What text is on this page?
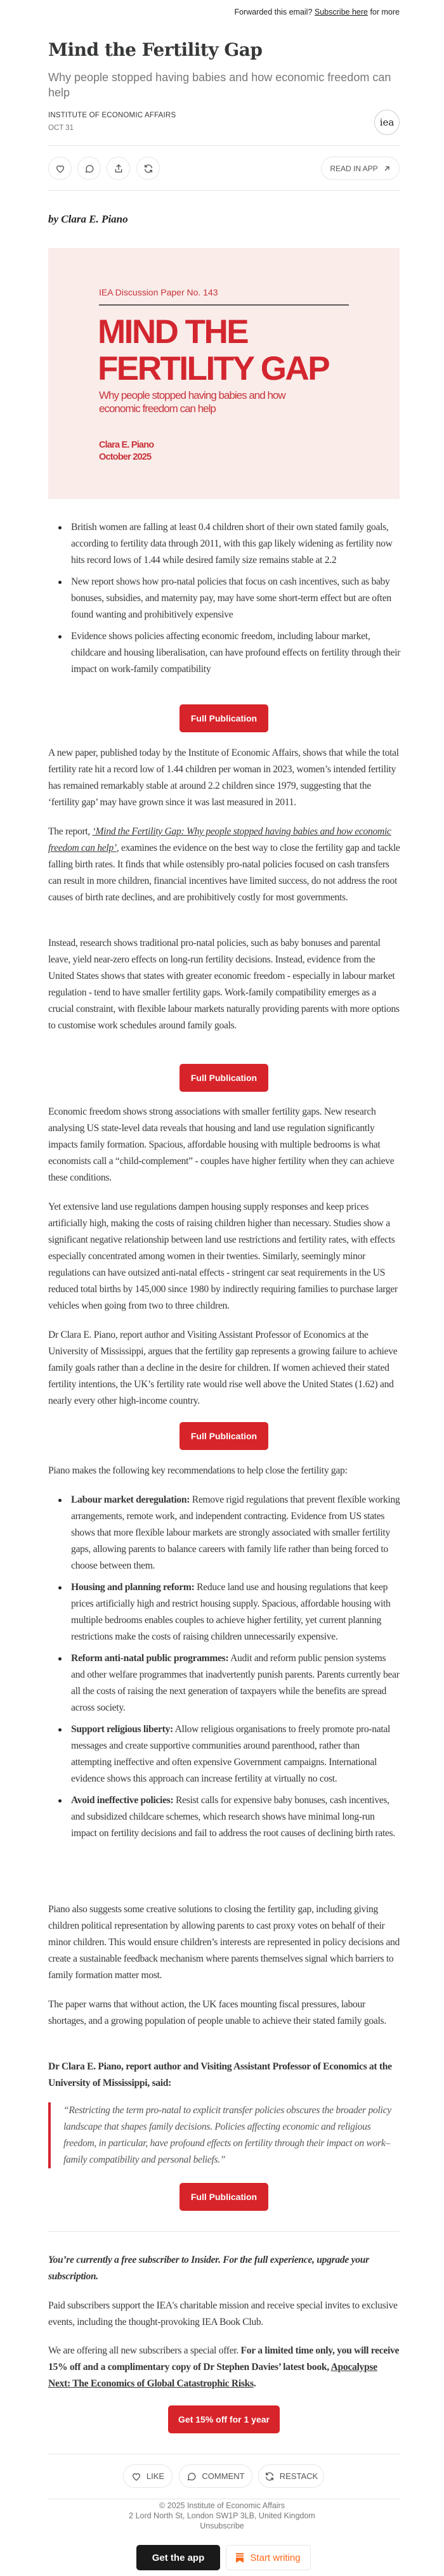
Forwarded this email? Subscribe here for more
Mind the Fertility Gap
Why people stopped having babies and how economic freedom can help
INSTITUTE OF ECONOMIC AFFAIRS
OCT 31	iea
READ IN APP
by Clara E. Piano
IEA Discussion Paper No. 143
MIND THE
FERTILITY GAP
Why people stopped having babies and how economic freedom can help
Clara E. Piano
October 2025
British women are falling at least 0.4 children short of their own stated family goals, according to fertility data through 2011, with this gap likely widening as fertility now hits record lows of 1.44 while desired family size remains stable at 2.2
New report shows how pro-natal policies that focus on cash incentives, such as baby bonuses, subsidies, and maternity pay, may have some short-term effect but are often found wanting and prohibitively expensive
Evidence shows policies affecting economic freedom, including labour market, childcare and housing liberalisation, can have profound effects on fertility through their impact on work-family compatibility
Full Publication
A new paper, published today by the Institute of Economic Affairs, shows that while the total fertility rate hit a record low of 1.44 children per woman in 2023, women’s intended fertility has remained remarkably stable at around 2.2 children since 1979, suggesting that the ‘fertility gap’ may have grown since it was last measured in 2011.
The report, ‘Mind the Fertility Gap: Why people stopped having babies and how economic freedom can help’, examines the evidence on the best way to close the fertility gap and tackle falling birth rates. It finds that while ostensibly pro-natal policies focused on cash transfers can result in more children, financial incentives have limited success, do not address the root causes of birth rate declines, and are prohibitively costly for most governments.
Instead, research shows traditional pro-natal policies, such as baby bonuses and parental leave, yield near-zero effects on long-run fertility decisions. Instead, evidence from the United States shows that states with greater economic freedom - especially in labour market regulation - tend to have smaller fertility gaps. Work-family compatibility emerges as a crucial constraint, with flexible labour markets naturally providing parents with more options to customise work schedules around family goals.
Full Publication
Economic freedom shows strong associations with smaller fertility gaps. New research analysing US state-level data reveals that housing and land use regulation significantly impacts family formation. Spacious, affordable housing with multiple bedrooms is what economists call a “child-complement” - couples have higher fertility when they can achieve these conditions.
Yet extensive land use regulations dampen housing supply responses and keep prices artificially high, making the costs of raising children higher than necessary. Studies show a significant negative relationship between land use restrictions and fertility rates, with effects especially concentrated among women in their twenties. Similarly, seemingly minor regulations can have outsized anti-natal effects - stringent car seat requirements in the US reduced total births by 145,000 since 1980 by indirectly requiring families to purchase larger vehicles when going from two to three children.
Dr Clara E. Piano, report author and Visiting Assistant Professor of Economics at the University of Mississippi, argues that the fertility gap represents a growing failure to achieve family goals rather than a decline in the desire for children. If women achieved their stated fertility intentions, the UK’s fertility rate would rise well above the United States (1.62) and nearly every other high-income country.
Full Publication
Piano makes the following key recommendations to help close the fertility gap:
Labour market deregulation: Remove rigid regulations that prevent flexible working arrangements, remote work, and independent contracting. Evidence from US states shows that more flexible labour markets are strongly associated with smaller fertility gaps, allowing parents to balance careers with family life rather than being forced to choose between them.
Housing and planning reform: Reduce land use and housing regulations that keep prices artificially high and restrict housing supply. Spacious, affordable housing with multiple bedrooms enables couples to achieve higher fertility, yet current planning restrictions make the costs of raising children unnecessarily expensive.
Reform anti-natal public programmes: Audit and reform public pension systems and other welfare programmes that inadvertently punish parents. Parents currently bear all the costs of raising the next generation of taxpayers while the benefits are spread across society.
Support religious liberty: Allow religious organisations to freely promote pro-natal messages and create supportive communities around parenthood, rather than attempting ineffective and often expensive Government campaigns. International evidence shows this approach can increase fertility at virtually no cost.
Avoid ineffective policies: Resist calls for expensive baby bonuses, cash incentives, and subsidized childcare schemes, which research shows have minimal long-run impact on fertility decisions and fail to address the root causes of declining birth rates.
Piano also suggests some creative solutions to closing the fertility gap, including giving children political representation by allowing parents to cast proxy votes on behalf of their minor children. This would ensure children’s interests are represented in policy decisions and create a sustainable feedback mechanism where parents themselves signal which barriers to family formation matter most.
The paper warns that without action, the UK faces mounting fiscal pressures, labour shortages, and a growing population of people unable to achieve their stated family goals.
Dr Clara E. Piano, report author and Visiting Assistant Professor of Economics at the University of Mississippi, said:
“Restricting the term pro-natal to explicit transfer policies obscures the broader policy landscape that shapes family decisions. Policies affecting economic and religious freedom, in particular, have profound effects on fertility through their impact on work–family compatibility and personal beliefs.”
Full Publication
You’re currently a free subscriber to Insider. For the full experience, upgrade your subscription.
Paid subscribers support the IEA's charitable mission and receive special invites to exclusive events, including the thought-provoking IEA Book Club.
We are offering all new subscribers a special offer. For a limited time only, you will receive 15% off and a complimentary copy of Dr Stephen Davies’ latest book, Apocalypse Next: The Economics of Global Catastrophic Risks.
Get 15% off for 1 year
LIKE	COMMENT	RESTACK
© 2025 Institute of Economic Affairs
2 Lord North St, London SW1P 3LB, United Kingdom
Unsubscribe
Get the app	Start writing
